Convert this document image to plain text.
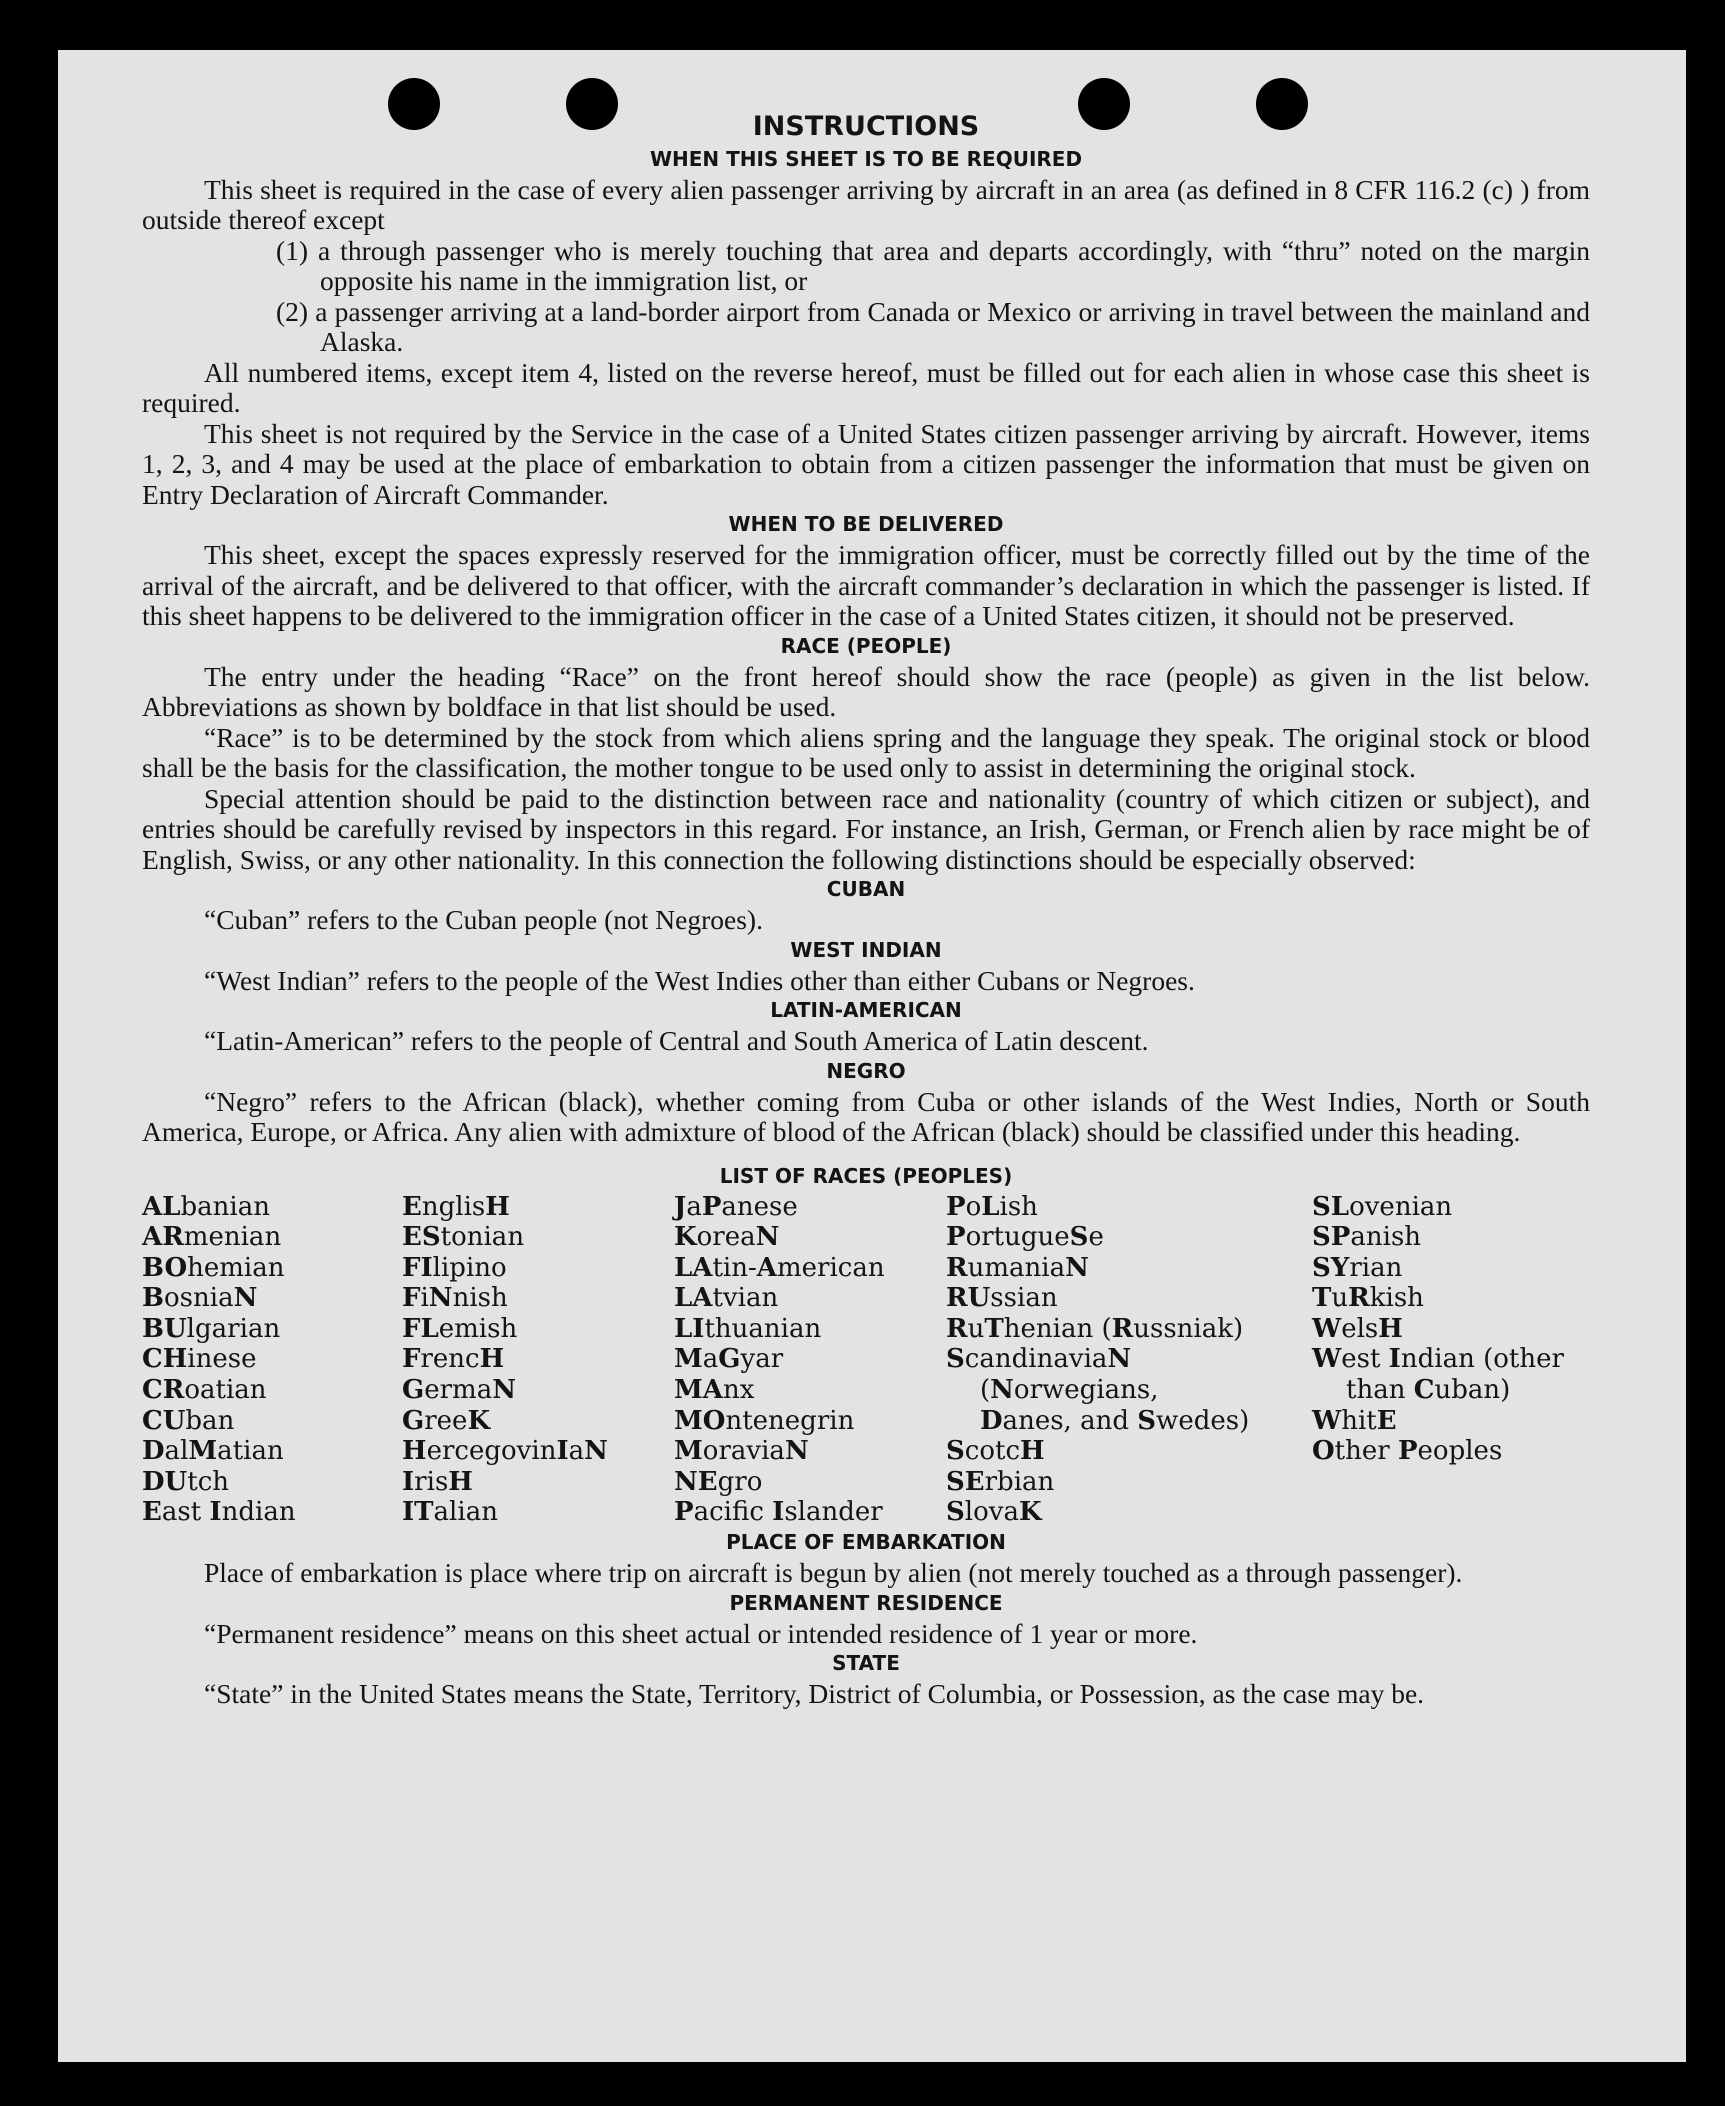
INSTRUCTIONS
WHEN THIS SHEET IS TO BE REQUIRED

This sheet is required in the case of every alien passenger arriving by aircraft in an area (as defined in 8 CFR 116.2 (c) ) from outside thereof except

(1) a through passenger who is merely touching that area and departs accordingly, with “thru” noted on the margin opposite his name in the immigration list, or

(2) a passenger arriving at a land-border airport from Canada or Mexico or arriving in travel between the mainland and Alaska.

All numbered items, except item 4, listed on the reverse hereof, must be filled out for each alien in whose case this sheet is required.

This sheet is not required by the Service in the case of a United States citizen passenger arriving by aircraft. However, items 1, 2, 3, and 4 may be used at the place of embarkation to obtain from a citizen passenger the information that must be given on Entry Declaration of Aircraft Commander.

WHEN TO BE DELIVERED

This sheet, except the spaces expressly reserved for the immigration officer, must be correctly filled out by the time of the arrival of the aircraft, and be delivered to that officer, with the aircraft commander’s declaration in which the passenger is listed. If this sheet happens to be delivered to the immigration officer in the case of a United States citizen, it should not be preserved.

RACE (PEOPLE)

The entry under the heading “Race” on the front hereof should show the race (people) as given in the list below. Abbreviations as shown by boldface in that list should be used.

“Race” is to be determined by the stock from which aliens spring and the language they speak. The original stock or blood shall be the basis for the classification, the mother tongue to be used only to assist in determining the original stock.

Special attention should be paid to the distinction between race and nationality (country of which citizen or subject), and entries should be carefully revised by inspectors in this regard. For instance, an Irish, German, or French alien by race might be of English, Swiss, or any other nationality. In this connection the following distinctions should be especially observed:

CUBAN

“Cuban” refers to the Cuban people (not Negroes).

WEST INDIAN

“West Indian” refers to the people of the West Indies other than either Cubans or Negroes.

LATIN-AMERICAN

“Latin-American” refers to the people of Central and South America of Latin descent.

NEGRO

“Negro” refers to the African (black), whether coming from Cuba or other islands of the West Indies, North or South America, Europe, or Africa. Any alien with admixture of blood of the African (black) should be classified under this heading.

LIST OF RACES (PEOPLES)
ALbanian
ARmenian
BOhemian
BosniaN
BUlgarian
CHinese
CRoatian
CUban
DalMatian
DUtch
East Indian
EnglisH
EStonian
FIlipino
FiNnish
FLemish
FrencH
GermaN
GreeK
HercegovinIaN
IrisH
ITalian
JaPanese
KoreaN
LAtin-American
LAtvian
LIthuanian
MaGyar
MAnx
MOntenegrin
MoraviaN
NEgro
Pacifc Islander
PoLish
PortugueSe
RumaniaN
RUssian
RuThenian (Russniak)
ScandinaviaN (Norwegians, Danes, and Swedes)
ScotcH
SErbian
SlovaK
SLovenian
SPanish
SYrian
TuRkish
WelsH
West Indian (other than Cuban)
WhitE
Other Peoples
PLACE OF EMBARKATION

Place of embarkation is place where trip on aircraft is begun by alien (not merely touched as a through passenger).

PERMANENT RESIDENCE

“Permanent residence” means on this sheet actual or intended residence of 1 year or more.

STATE

“State” in the United States means the State, Territory, District of Columbia, or Possession, as the case may be.
